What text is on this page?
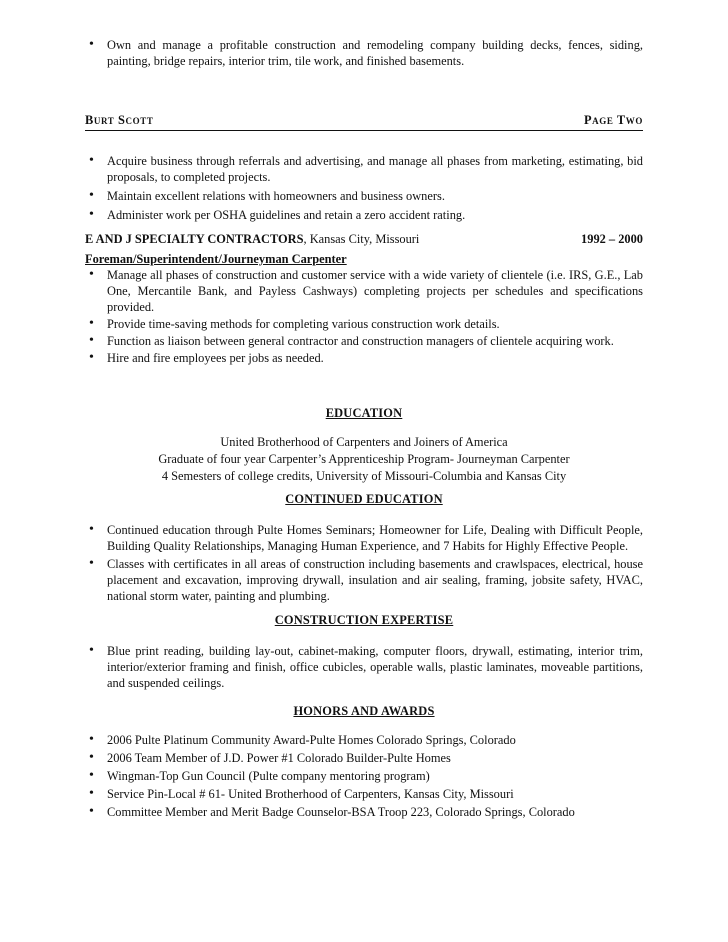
• Own and manage a profitable construction and remodeling company building decks, fences, siding, painting, bridge repairs, interior trim, tile work, and finished basements.
Burt Scott	Page Two
• Acquire business through referrals and advertising, and manage all phases from marketing, estimating, bid proposals, to completed projects.
• Maintain excellent relations with homeowners and business owners.
• Administer work per OSHA guidelines and retain a zero accident rating.
E AND J SPECIALTY CONTRACTORS, Kansas City, Missouri	1992 – 2000
Foreman/Superintendent/Journeyman Carpenter
• Manage all phases of construction and customer service with a wide variety of clientele (i.e. IRS, G.E., Lab One, Mercantile Bank, and Payless Cashways) completing projects per schedules and specifications provided.
• Provide time-saving methods for completing various construction work details.
• Function as liaison between general contractor and construction managers of clientele acquiring work.
• Hire and fire employees per jobs as needed.
EDUCATION
United Brotherhood of Carpenters and Joiners of America
Graduate of four year Carpenter’s Apprenticeship Program- Journeyman Carpenter
4 Semesters of college credits, University of Missouri-Columbia and Kansas City
CONTINUED EDUCATION
• Continued education through Pulte Homes Seminars; Homeowner for Life, Dealing with Difficult People, Building Quality Relationships, Managing Human Experience, and 7 Habits for Highly Effective People.
• Classes with certificates in all areas of construction including basements and crawlspaces, electrical, house placement and excavation, improving drywall, insulation and air sealing, framing, jobsite safety, HVAC, national storm water, painting and plumbing.
CONSTRUCTION EXPERTISE
• Blue print reading, building lay-out, cabinet-making, computer floors, drywall, estimating, interior trim, interior/exterior framing and finish, office cubicles, operable walls, plastic laminates, moveable partitions, and suspended ceilings.
HONORS AND AWARDS
• 2006 Pulte Platinum Community Award-Pulte Homes Colorado Springs, Colorado
• 2006 Team Member of J.D. Power #1 Colorado Builder-Pulte Homes
• Wingman-Top Gun Council (Pulte company mentoring program)
• Service Pin-Local # 61- United Brotherhood of Carpenters, Kansas City, Missouri
• Committee Member and Merit Badge Counselor-BSA Troop 223, Colorado Springs, Colorado
